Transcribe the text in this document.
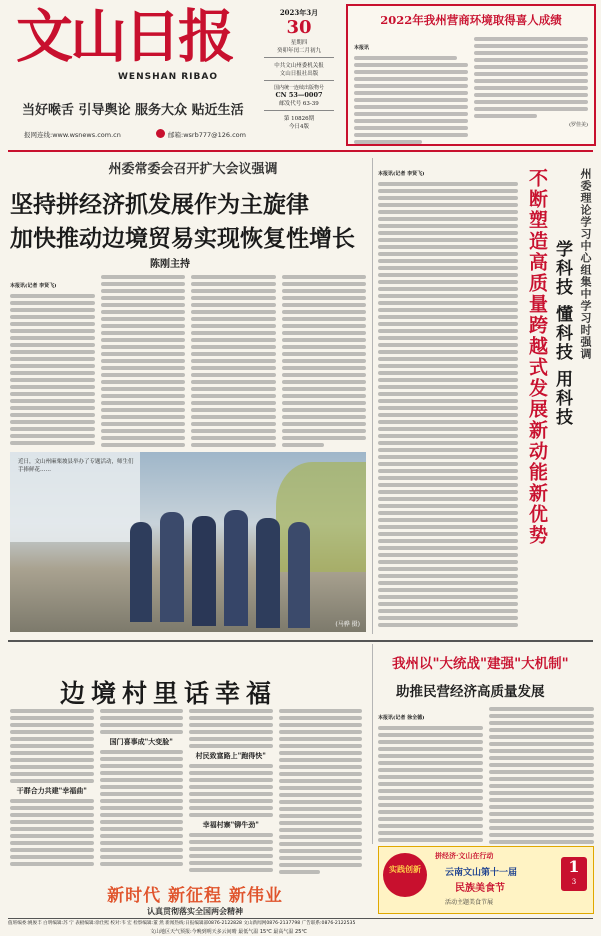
文山日报
WENSHAN RIBAO
当好喉舌 引导舆论 服务大众 贴近生活
报网连线:www.wsnews.com.cn	邮箱:wsrb777@126.com
2023年3月
30
星期四
癸卯年闰二月初九
中共文山州委机关报
文山日报社出版
国内统一连续出版物号
CN 53—0007
邮发代号 63-39
第 10826期
今日4版
2022年我州营商环境取得喜人成绩
本报讯
(罗佳美)
州委常委会召开扩大会议强调
坚持拼经济抓发展作为主旋律
加快推动边境贸易实现恢复性增长
陈刚主持
本报讯(记者 李贤飞)
近日，文山州麻栗坡县举办了专题活动，师生们手捧鲜花……
(马骅 摄)
本报讯(记者 李贤飞)	不断塑造高质量跨越式发展新动能新优势 学科技 懂科技 用科技 州委理论学习中心组集中学习时强调
边境村里话幸福
干群合力共建"幸福曲"
国门喜事成"大变脸"
村民致富路上"跑得快"
幸福村寨"铆牛劲"
新时代 新征程 新伟业
认真贯彻落实全国两会精神
我州以"大统战"建强"大机制"
助推民营经济高质量发展
本报讯(记者 徐全德)
实践创新
拼经济·文山在行动
云南文山第十一届
民族美食节
活动主题美食节展
1
3
值班编委:姚俊丰 白明编辑:苏 宁 表板编辑:徐仕熙 校对:韦 宏 检察编辑:董 然 新闻热线:日报编辑部0876-2122828 文山新闻网0876-2137798 广告联系:0876-2122535
文山地区天气预报:今晚到明天多云间晴 最低气温 15℃ 最高气温 25℃
